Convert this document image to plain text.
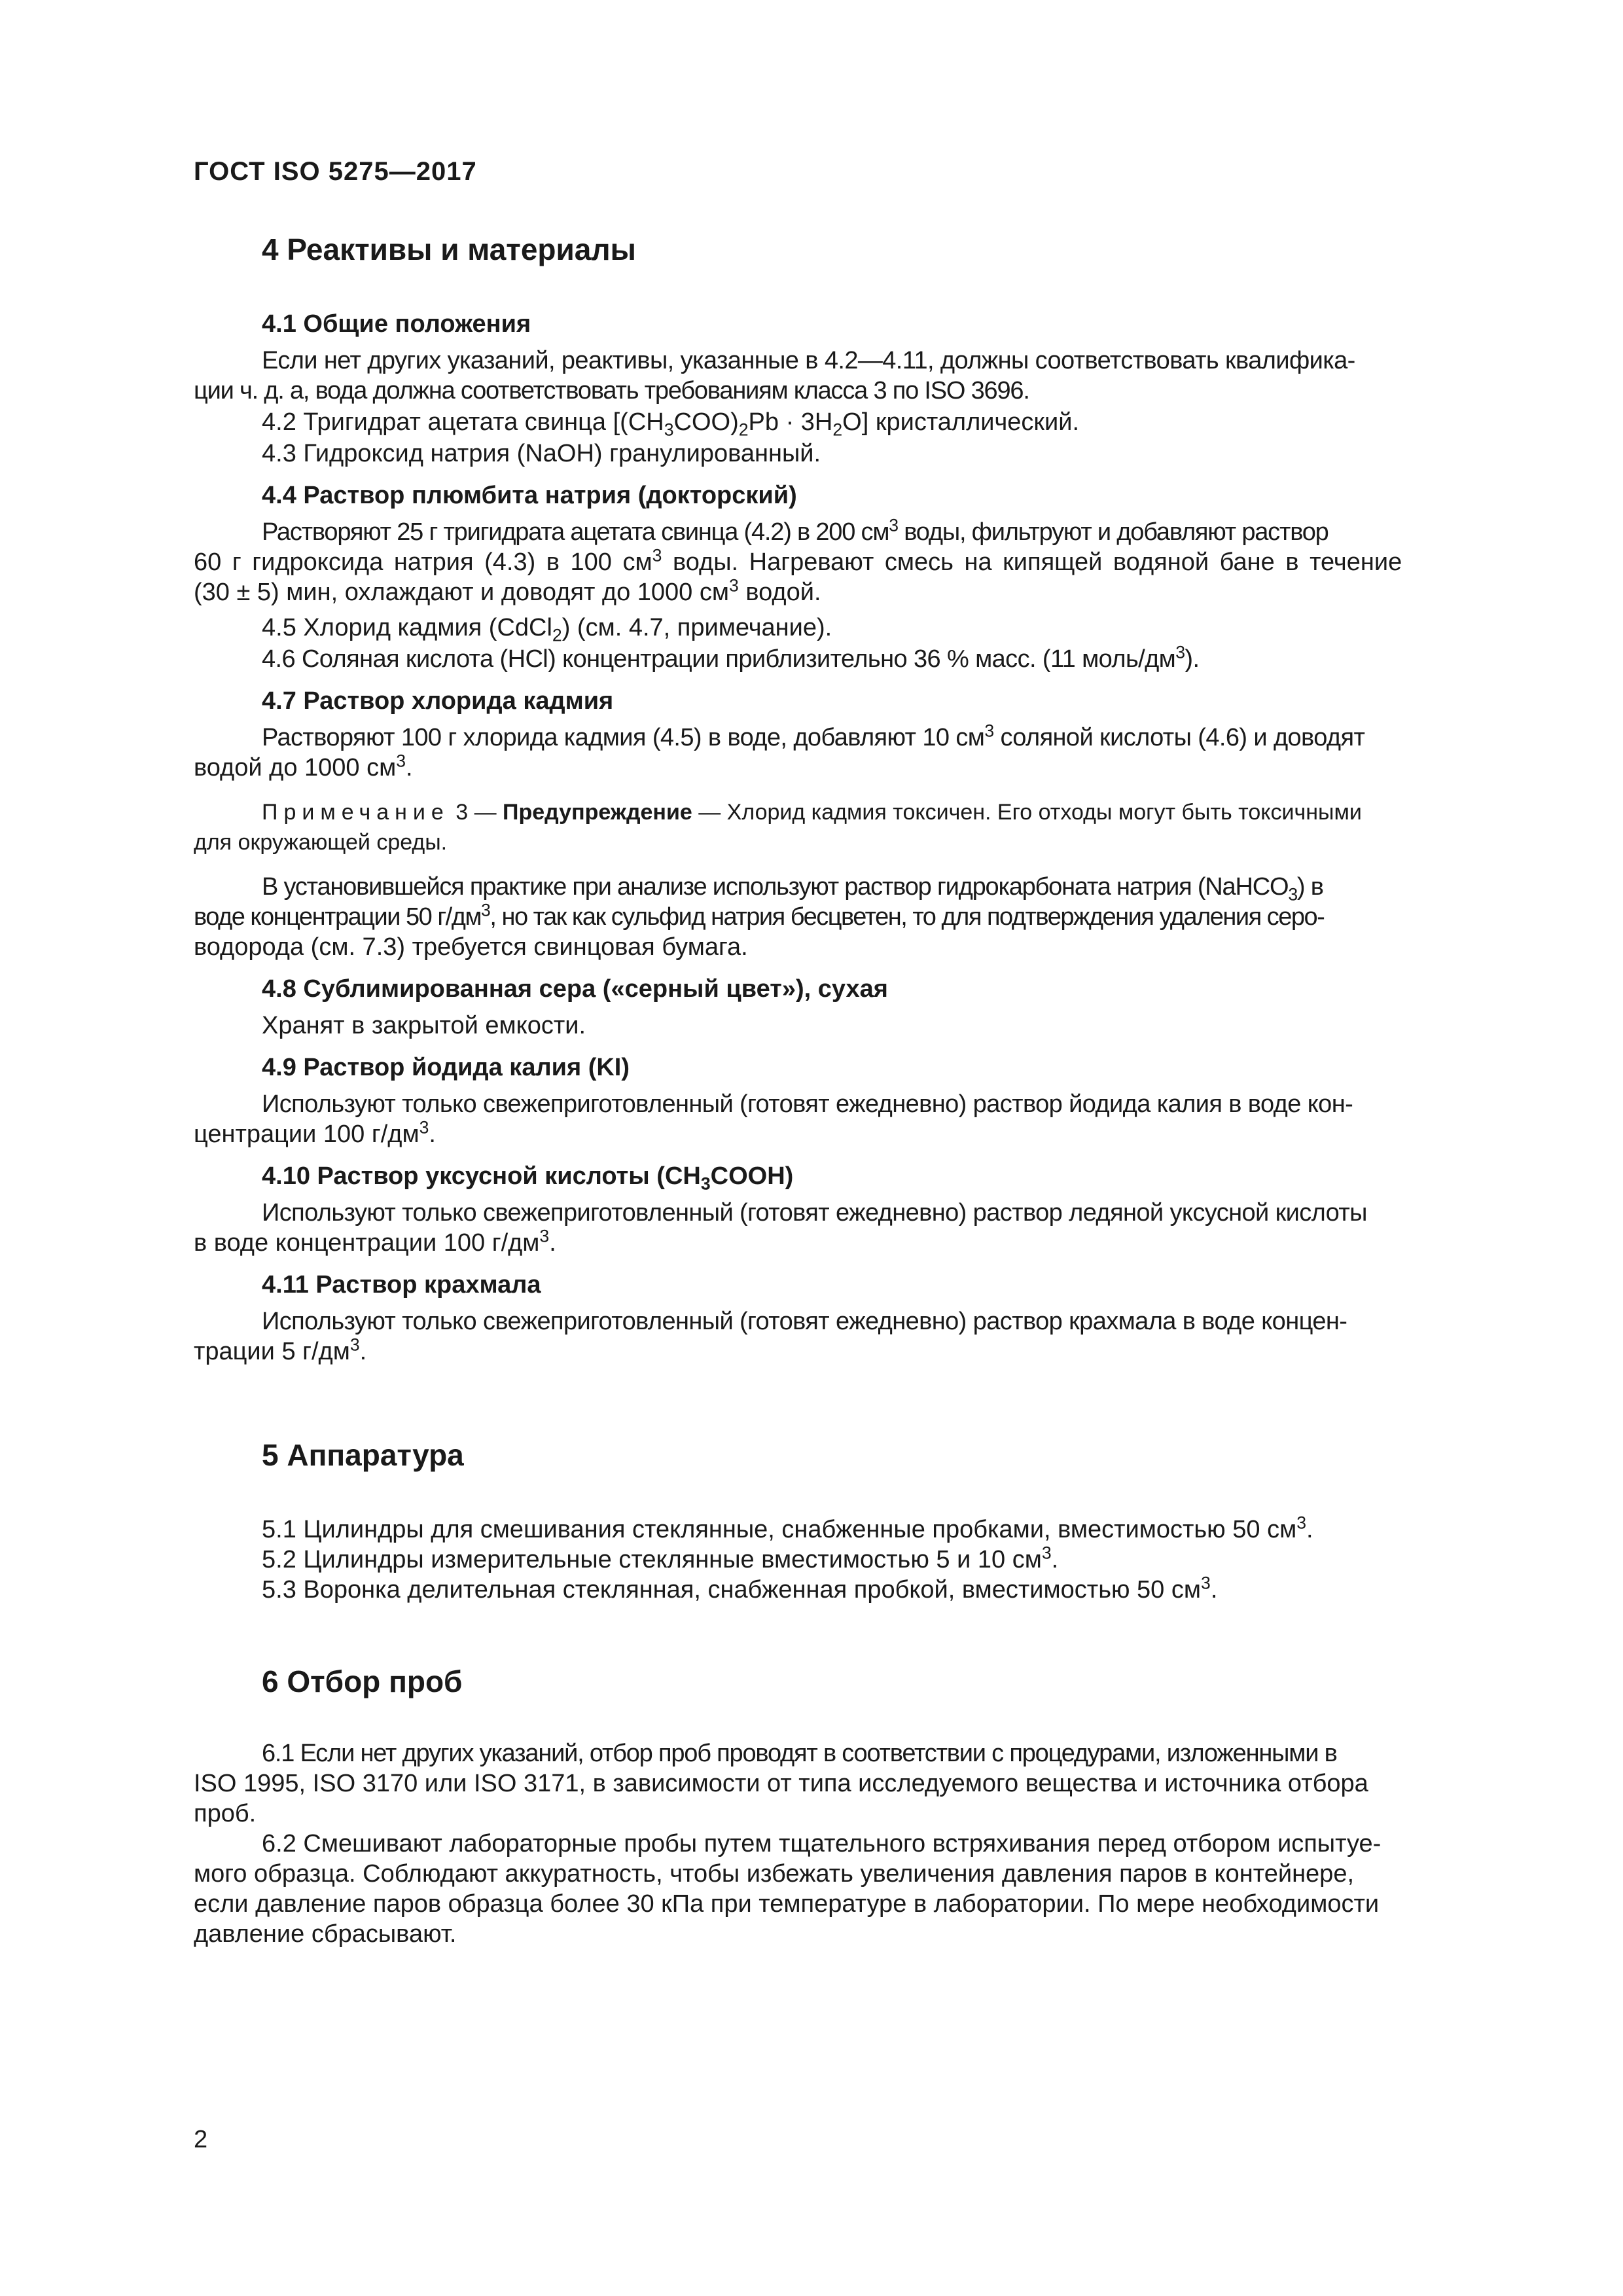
ГОСТ ISO 5275—2017
4 Реактивы и материалы
4.1 Общие положения
Если нет других указаний, реактивы, указанные в 4.2—4.11, должны соответствовать квалифика-
ции ч. д. а, вода должна соответствовать требованиям класса 3 по ISO 3696.
4.2 Тригидрат ацетата свинца $[(CH_3COO)_2Pb \cdot 3H_2O]$ кристаллический.
4.3 Гидроксид натрия (NaOH) гранулированный.
4.4 Раствор плюмбита натрия (докторский)
Растворяют 25 г тригидрата ацетата свинца (4.2) в 200 $см^3$ воды, фильтруют и добавляют раствор
60 г гидроксида натрия (4.3) в 100 $см^3$ воды. Нагревают смесь на кипящей водяной бане в течение
(30 ± 5) мин, охлаждают и доводят до 1000 $см^3$ водой.
4.5 Хлорид кадмия (CdCl$_2$) (см. 4.7, примечание).
4.6 Соляная кислота (HCl) концентрации приблизительно 36 % масс. (11 моль/$дм^3$).
4.7 Раствор хлорида кадмия
Растворяют 100 г хлорида кадмия (4.5) в воде, добавляют 10 $см^3$ соляной кислоты (4.6) и доводят
водой до 1000 $см^3$.
Примечание 3 — Предупреждение — Хлорид кадмия токсичен. Его отходы могут быть токсичными
для окружающей среды.
В установившейся практике при анализе используют раствор гидрокарбоната натрия (NaHCO$_3$) в
воде концентрации 50 $г/дм^3$, но так как сульфид натрия бесцветен, то для подтверждения удаления серо-
водорода (см. 7.3) требуется свинцовая бумага.
4.8 Сублимированная сера («серный цвет»), сухая
Хранят в закрытой емкости.
4.9 Раствор йодида калия (KI)
Используют только свежеприготовленный (готовят ежедневно) раствор йодида калия в воде кон-
центрации 100 $г/дм^3$.
4.10 Раствор уксусной кислоты $(CH_3COOH)$
Используют только свежеприготовленный (готовят ежедневно) раствор ледяной уксусной кислоты
в воде концентрации 100 $г/дм^3$.
4.11 Раствор крахмала
Используют только свежеприготовленный (готовят ежедневно) раствор крахмала в воде концен-
трации 5 $г/дм^3$.
5 Аппаратура
5.1 Цилиндры для смешивания стеклянные, снабженные пробками, вместимостью 50 $см^3$.
5.2 Цилиндры измерительные стеклянные вместимостью 5 и 10 $см^3$.
5.3 Воронка делительная стеклянная, снабженная пробкой, вместимостью 50 $см^3$.
6 Отбор проб
6.1 Если нет других указаний, отбор проб проводят в соответствии с процедурами, изложенными в
ISO 1995, ISO 3170 или ISO 3171, в зависимости от типа исследуемого вещества и источника отбора
проб.
6.2 Смешивают лабораторные пробы путем тщательного встряхивания перед отбором испытуе-
мого образца. Соблюдают аккуратность, чтобы избежать увеличения давления паров в контейнере,
если давление паров образца более 30 кПа при температуре в лаборатории. По мере необходимости
давление сбрасывают.
2
